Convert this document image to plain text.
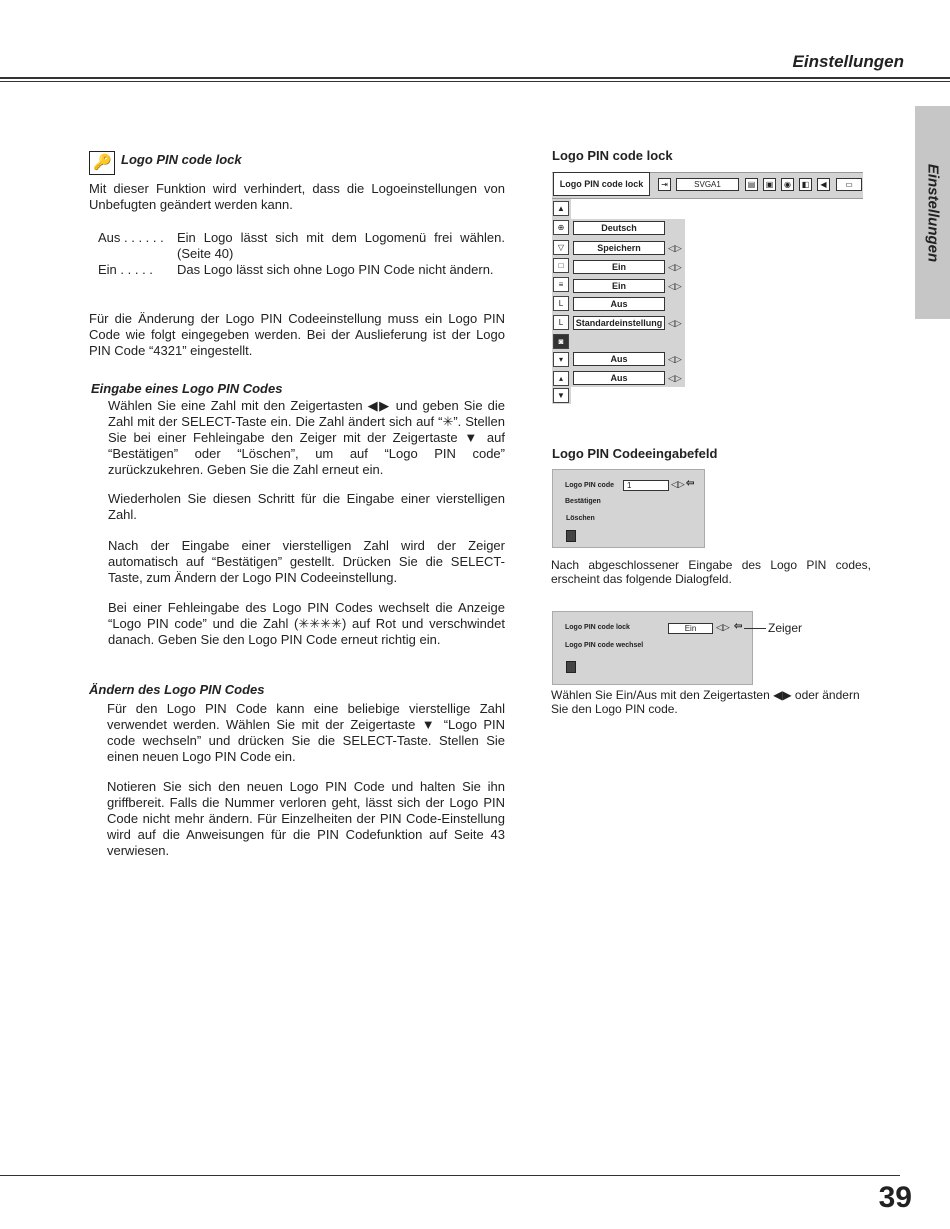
Einstellungen
Einstellungen
🔑 Logo PIN code lock
Mit dieser Funktion wird verhindert, dass die Logoeinstellungen von Unbefugten geändert werden kann.
Aus . . . . . .	Ein Logo lässt sich mit dem Logomenü frei wählen. (Seite 40)
Ein . . . . .	Das Logo lässt sich ohne Logo PIN Code nicht ändern.
Für die Änderung der Logo PIN Codeeinstellung muss ein Logo PIN Code wie folgt eingegeben werden. Bei der Auslieferung ist der Logo PIN Code “4321” eingestellt.
Eingabe eines Logo PIN Codes
Wählen Sie eine Zahl mit den Zeigertasten ◀▶ und geben Sie die Zahl mit der SELECT-Taste ein. Die Zahl ändert sich auf “✳”. Stellen Sie bei einer Fehleingabe den Zeiger mit der Zeigertaste ▼ auf “Bestätigen” oder “Löschen”, um auf “Logo PIN code” zurückzukehren. Geben Sie die Zahl erneut ein.
Wiederholen Sie diesen Schritt für die Eingabe einer vierstelligen Zahl.
Nach der Eingabe einer vierstelligen Zahl wird der Zeiger automatisch auf “Bestätigen” gestellt. Drücken Sie die SELECT-Taste, zum Ändern der Logo PIN Codeeinstellung.
Bei einer Fehleingabe des Logo PIN Codes wechselt die Anzeige “Logo PIN code” und die Zahl (✳✳✳✳) auf Rot und verschwindet danach. Geben Sie den Logo PIN Code erneut richtig ein.
Ändern des Logo PIN Codes
Für den Logo PIN Code kann eine beliebige vierstellige Zahl verwendet werden. Wählen Sie mit der Zeigertaste ▼ “Logo PIN code wechseln” und drücken Sie die SELECT-Taste. Stellen Sie einen neuen Logo PIN Code ein.
Notieren Sie sich den neuen Logo PIN Code und halten Sie ihn griffbereit. Falls die Nummer verloren geht, lässt sich der Logo PIN Code nicht mehr ändern. Für Einzelheiten der PIN Code-Einstellung wird auf die Anweisungen für die PIN Codefunktion auf Seite 43 verwiesen.
Logo PIN code lock
Logo PIN code lock	⇥	SVGA1	▤	▣	◉	◧	◀	▭
▲
⊕
▽
□
≡
L
L
◙
▾
▴
▼
Deutsch
Speichern	◁▷
Ein	◁▷
Ein	◁▷
Aus
Standardeinstellung ◁▷
Aus	◁▷
Aus	◁▷
Logo PIN Codeeingabefeld
Logo PIN code	1	◁▷ ⇦
Bestätigen
Löschen
Nach abgeschlossener Eingabe des Logo PIN codes, erscheint das folgende Dialogfeld.
Logo PIN code lock	Ein	◁▷ ⇦ Zeiger
Logo PIN code wechsel
Wählen Sie Ein/Aus mit den Zeigertasten ◀▶ oder ändern Sie den Logo PIN code.
39
